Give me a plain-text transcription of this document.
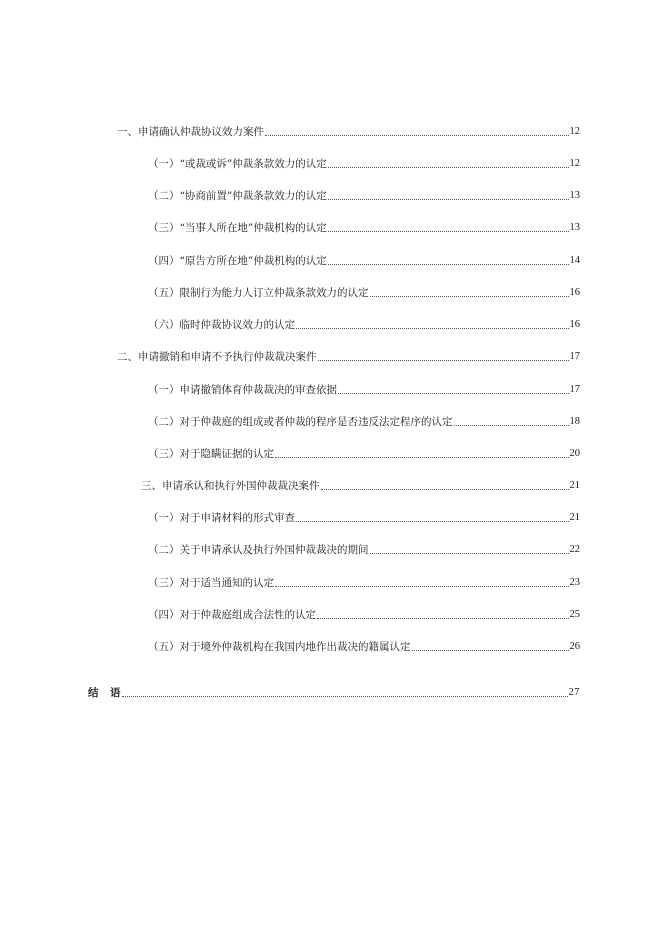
一、申请确认仲裁协议效力案件	12
（一）“或裁或诉”仲裁条款效力的认定	12
（二）“协商前置”仲裁条款效力的认定	13
（三）“当事人所在地”仲裁机构的认定	13
（四）“原告方所在地”仲裁机构的认定	14
（五）限制行为能力人订立仲裁条款效力的认定	16
（六）临时仲裁协议效力的认定	16
二、申请撤销和申请不予执行仲裁裁决案件	17
（一）申请撤销体育仲裁裁决的审查依据	17
（二）对于仲裁庭的组成或者仲裁的程序是否违反法定程序的认定	18
（三）对于隐瞒证据的认定	20
三、申请承认和执行外国仲裁裁决案件	21
（一）对于申请材料的形式审查	21
（二）关于申请承认及执行外国仲裁裁决的期间	22
（三）对于适当通知的认定	23
（四）对于仲裁庭组成合法性的认定	25
（五）对于境外仲裁机构在我国内地作出裁决的籍属认定	26
结　语	27
